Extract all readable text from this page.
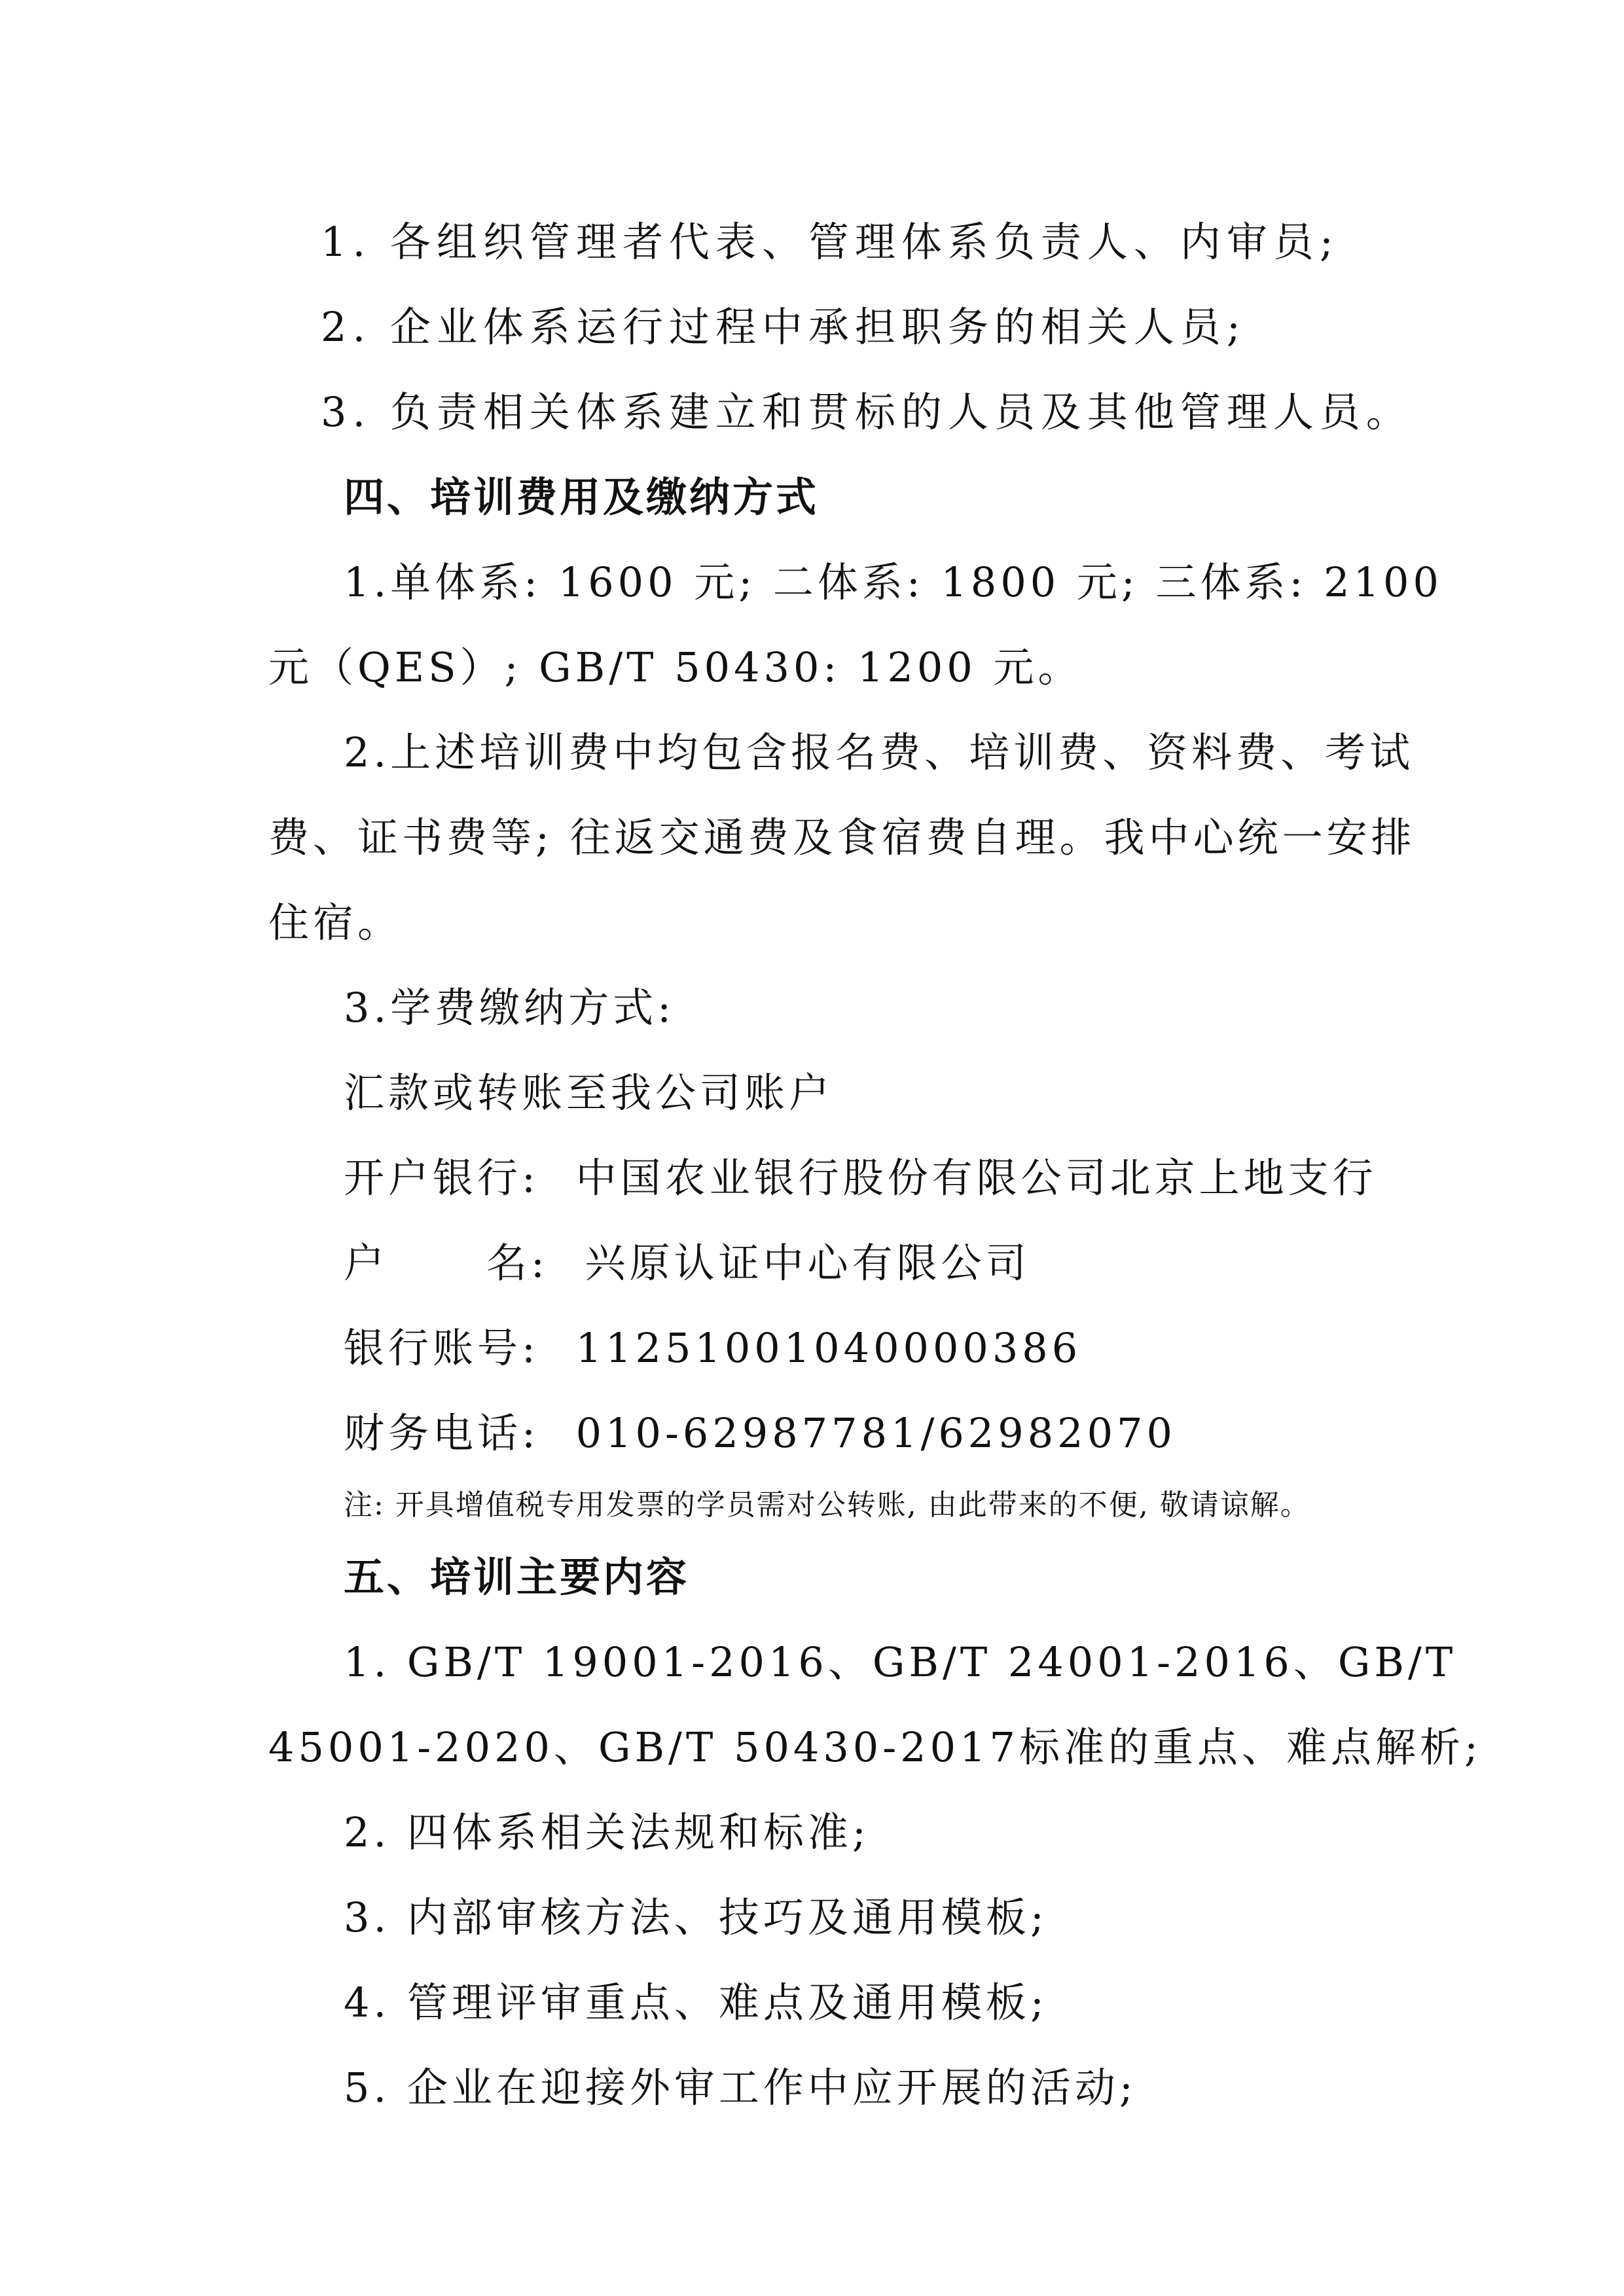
1. 各组织管理者代表、管理体系负责人、内审员;
2. 企业体系运行过程中承担职务的相关人员;
3. 负责相关体系建立和贯标的人员及其他管理人员。
四、培训费用及缴纳方式
1.单体系: 1600 元; 二体系: 1800 元; 三体系: 2100
元（QES）; GB/T 50430: 1200 元。
2.上述培训费中均包含报名费、培训费、资料费、考试
费、证书费等; 往返交通费及食宿费自理。我中心统一安排
住宿。
3.学费缴纳方式:
汇款或转账至我公司账户
开户银行: 中国农业银行股份有限公司北京上地支行
户 名: 兴原认证中心有限公司
银行账号: 11251001040000386
财务电话: 010-62987781/62982070
注: 开具增值税专用发票的学员需对公转账, 由此带来的不便, 敬请谅解。
五、培训主要内容
1. GB/T 19001-2016、GB/T 24001-2016、GB/T
45001-2020、GB/T 50430-2017标准的重点、难点解析;
2. 四体系相关法规和标准;
3. 内部审核方法、技巧及通用模板;
4. 管理评审重点、难点及通用模板;
5. 企业在迎接外审工作中应开展的活动;
